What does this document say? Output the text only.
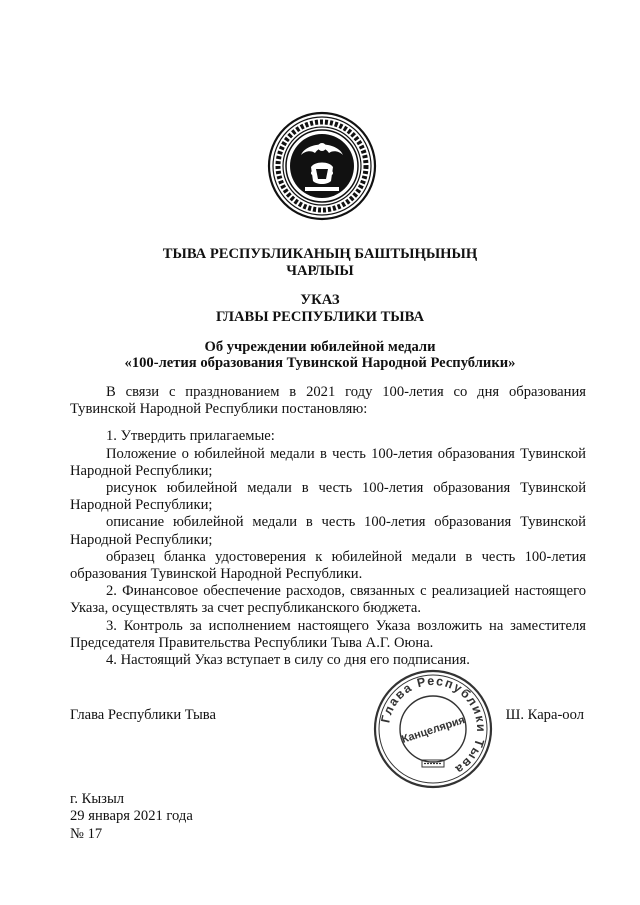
ТЫВА РЕСПУБЛИКАНЫҢ БАШТЫҢЫНЫҢ
ЧАРЛЫЫ
УКАЗ
ГЛАВЫ РЕСПУБЛИКИ ТЫВА
Об учреждении юбилейной медали
«100-летия образования Тувинской Народной Республики»

В связи с празднованием в 2021 году 100-летия со дня образования Тувинской Народной Республики постановляю:

1. Утвердить прилагаемые:

Положение о юбилейной медали в честь 100-летия образования Тувинской Народной Республики;

рисунок юбилейной медали в честь 100-летия образования Тувинской Народной Республики;

описание юбилейной медали в честь 100-летия образования Тувинской Народной Республики;

образец бланка удостоверения к юбилейной медали в честь 100-летия образования Тувинской Народной Республики.

2. Финансовое обеспечение расходов, связанных с реализацией настоящего Указа, осуществлять за счет республиканского бюджета.

3. Контроль за исполнением настоящего Указа возложить на заместителя Председателя Правительства Республики Тыва А.Г. Оюна.

4. Настоящий Указ вступает в силу со дня его подписания.

Глава Республики Тыва	Глава Республики Тыва
Канцелярия	Ш. Кара-оол
г. Кызыл
29 января 2021 года
№ 17
